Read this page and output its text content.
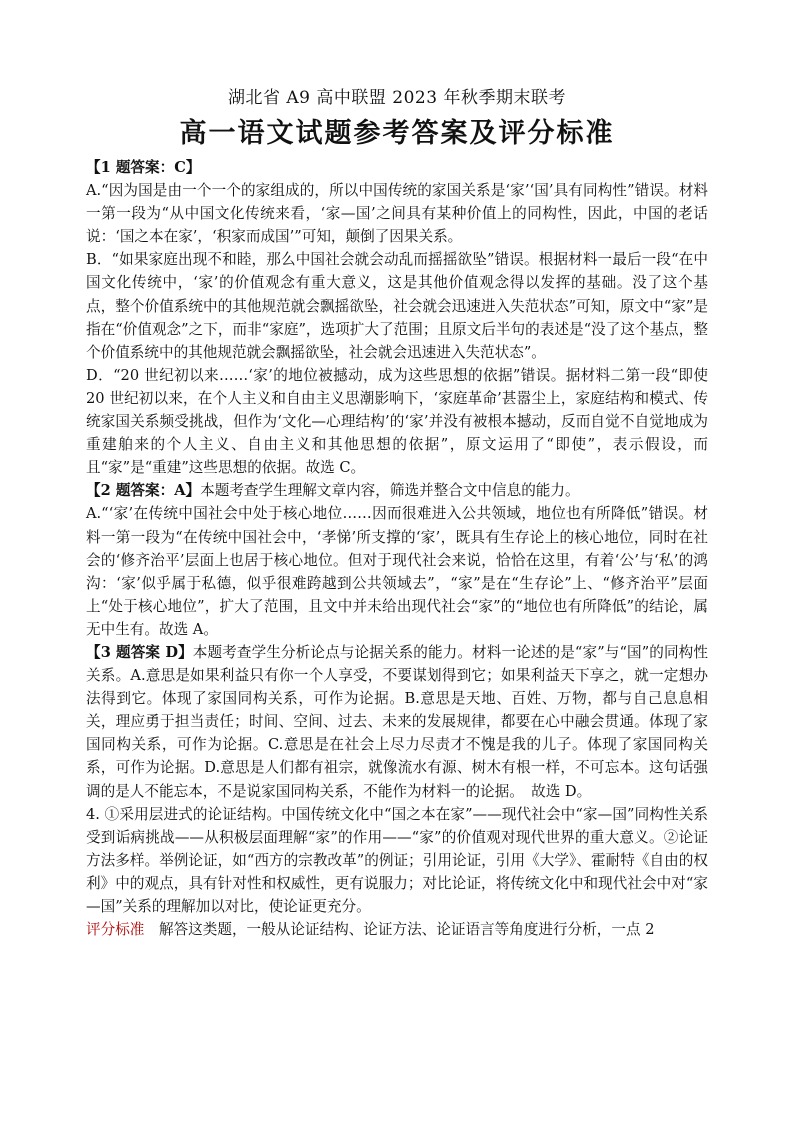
湖北省 A9 高中联盟 2023 年秋季期末联考
高一语文试题参考答案及评分标准

【1 题答案：C】

A.“因为国是由一个一个的家组成的，所以中国传统的家国关系是‘家’‘国’具有同构性”错误。材料一第一段为“从中国文化传统来看，‘家—国’之间具有某种价值上的同构性，因此，中国的老话说：‘国之本在家’，‘积家而成国’”可知，颠倒了因果关系。

B．“如果家庭出现不和睦，那么中国社会就会动乱而摇摇欲坠”错误。根据材料一最后一段“在中国文化传统中，‘家’的价值观念有重大意义，这是其他价值观念得以发挥的基础。没了这个基点，整个价值系统中的其他规范就会飘摇欲坠，社会就会迅速进入失范状态”可知，原文中“家”是指在“价值观念”之下，而非“家庭”，选项扩大了范围；且原文后半句的表述是“没了这个基点，整个价值系统中的其他规范就会飘摇欲坠，社会就会迅速进入失范状态”。

D．“20 世纪初以来……‘家’的地位被撼动，成为这些思想的依据”错误。据材料二第一段“即使 20 世纪初以来，在个人主义和自由主义思潮影响下，‘家庭革命’甚嚣尘上，家庭结构和模式、传统家国关系频受挑战，但作为‘文化—心理结构’的‘家’并没有被根本撼动，反而自觉不自觉地成为重建舶来的个人主义、自由主义和其他思想的依据”，原文运用了“即使”，表示假设，而且“家”是“重建”这些思想的依据。故选 C。

【2 题答案：A】本题考查学生理解文章内容，筛选并整合文中信息的能力。

A.“‘家’在传统中国社会中处于核心地位……因而很难进入公共领域，地位也有所降低”错误。材料一第一段为“在传统中国社会中，‘孝悌’所支撑的‘家’，既具有生存论上的核心地位，同时在社会的‘修齐治平’层面上也居于核心地位。但对于现代社会来说，恰恰在这里，有着‘公’与‘私’的鸿沟：‘家’似乎属于私德，似乎很难跨越到公共领域去”，“家”是在“生存论”上、“修齐治平”层面上“处于核心地位”，扩大了范围，且文中并未给出现代社会“家”的“地位也有所降低”的结论，属无中生有。故选 A。

【3 题答案 D】本题考查学生分析论点与论据关系的能力。材料一论述的是“家”与“国”的同构性关系。A.意思是如果利益只有你一个人享受，不要谋划得到它；如果利益天下享之，就一定想办法得到它。体现了家国同构关系，可作为论据。B.意思是天地、百姓、万物，都与自己息息相关，理应勇于担当责任；时间、空间、过去、未来的发展规律，都要在心中融会贯通。体现了家国同构关系，可作为论据。C.意思是在社会上尽力尽责才不愧是我的儿子。体现了家国同构关系，可作为论据。D.意思是人们都有祖宗，就像流水有源、树木有根一样，不可忘本。这句话强调的是人不能忘本，不是说家国同构关系，不能作为材料一的论据。　故选 D。

4. ①采用层进式的论证结构。中国传统文化中“国之本在家”——现代社会中“家—国”同构性关系受到诟病挑战——从积极层面理解“家”的作用——“家”的价值观对现代世界的重大意义。②论证方法多样。举例论证，如“西方的宗教改革”的例证；引用论证，引用《大学》、霍耐特《自由的权利》中的观点，具有针对性和权威性，更有说服力；对比论证，将传统文化中和现代社会中对“家—国”关系的理解加以对比，使论证更充分。

评分标准　解答这类题，一般从论证结构、论证方法、论证语言等角度进行分析，一点 2
